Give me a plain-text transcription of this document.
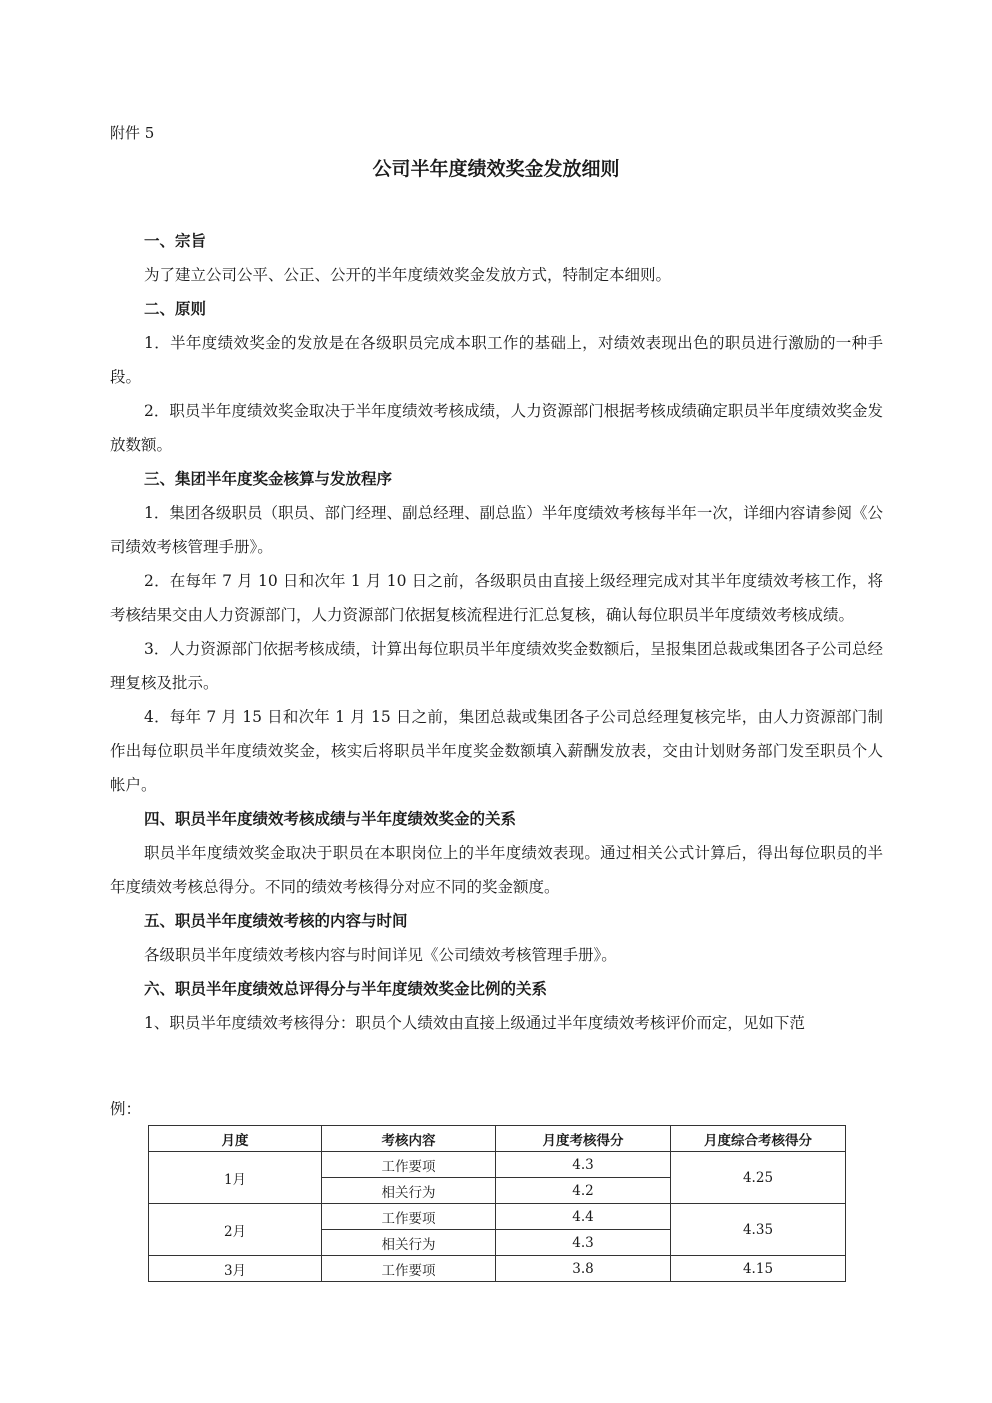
附件 5
公司半年度绩效奖金发放细则

一、宗旨

为了建立公司公平、公正、公开的半年度绩效奖金发放方式，特制定本细则。

二、原则

1．半年度绩效奖金的发放是在各级职员完成本职工作的基础上，对绩效表现出色的职员进行激励的一种手段。

2．职员半年度绩效奖金取决于半年度绩效考核成绩，人力资源部门根据考核成绩确定职员半年度绩效奖金发放数额。

三、集团半年度奖金核算与发放程序

1．集团各级职员（职员、部门经理、副总经理、副总监）半年度绩效考核每半年一次，详细内容请参阅《公司绩效考核管理手册》。

2．在每年 7 月 10 日和次年 1 月 10 日之前，各级职员由直接上级经理完成对其半年度绩效考核工作，将考核结果交由人力资源部门，人力资源部门依据复核流程进行汇总复核，确认每位职员半年度绩效考核成绩。

3．人力资源部门依据考核成绩，计算出每位职员半年度绩效奖金数额后，呈报集团总裁或集团各子公司总经理复核及批示。

4．每年 7 月 15 日和次年 1 月 15 日之前，集团总裁或集团各子公司总经理复核完毕，由人力资源部门制作出每位职员半年度绩效奖金，核实后将职员半年度奖金数额填入薪酬发放表，交由计划财务部门发至职员个人帐户。

四、职员半年度绩效考核成绩与半年度绩效奖金的关系

职员半年度绩效奖金取决于职员在本职岗位上的半年度绩效表现。通过相关公式计算后，得出每位职员的半年度绩效考核总得分。不同的绩效考核得分对应不同的奖金额度。

五、职员半年度绩效考核的内容与时间

各级职员半年度绩效考核内容与时间详见《公司绩效考核管理手册》。

六、职员半年度绩效总评得分与半年度绩效奖金比例的关系

1、职员半年度绩效考核得分：职员个人绩效由直接上级通过半年度绩效考核评价而定，见如下范

例：
月度	考核内容	月度考核得分	月度综合考核得分
1月	工作要项	4.3	4.25
	相关行为	4.2	
2月	工作要项	4.4	4.35
	相关行为	4.3	
3月	工作要项	3.8	4.15
